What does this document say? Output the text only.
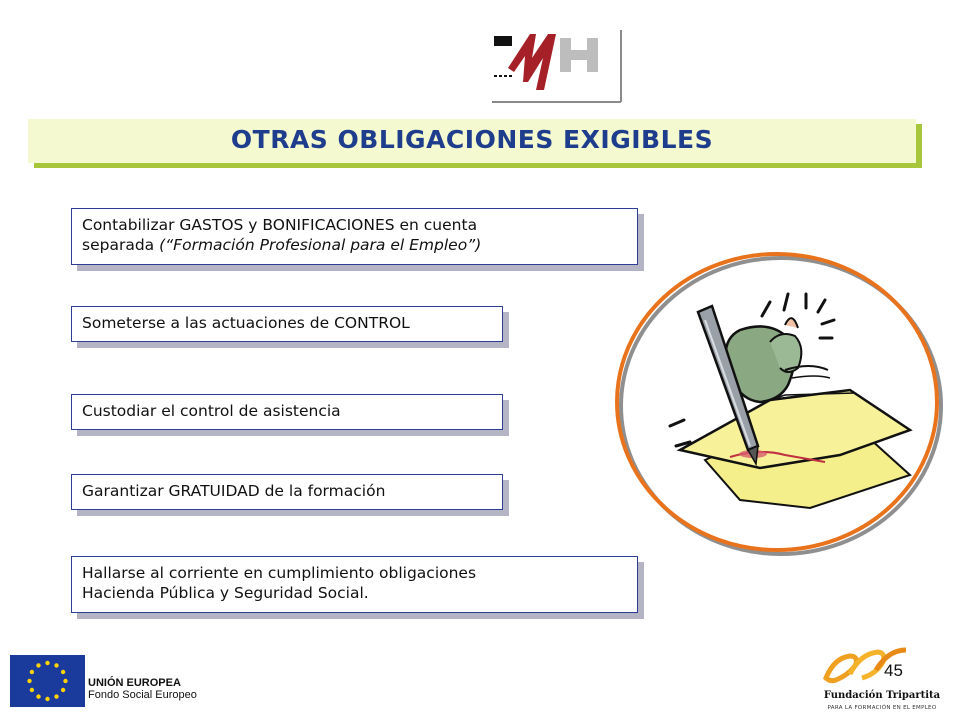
OTRAS OBLIGACIONES EXIGIBLES
Contabilizar GASTOS y BONIFICACIONES en cuenta
separada (“Formación Profesional para el Empleo”)
Someterse a las actuaciones de CONTROL
Custodiar el control de asistencia
Garantizar GRATUIDAD de la formación
Hallarse al corriente en cumplimiento obligaciones
Hacienda Pública y Seguridad Social.
UNIÓN EUROPEA
Fondo Social Europeo
45
Fundación Tripartita
PARA LA FORMACIÓN EN EL EMPLEO
